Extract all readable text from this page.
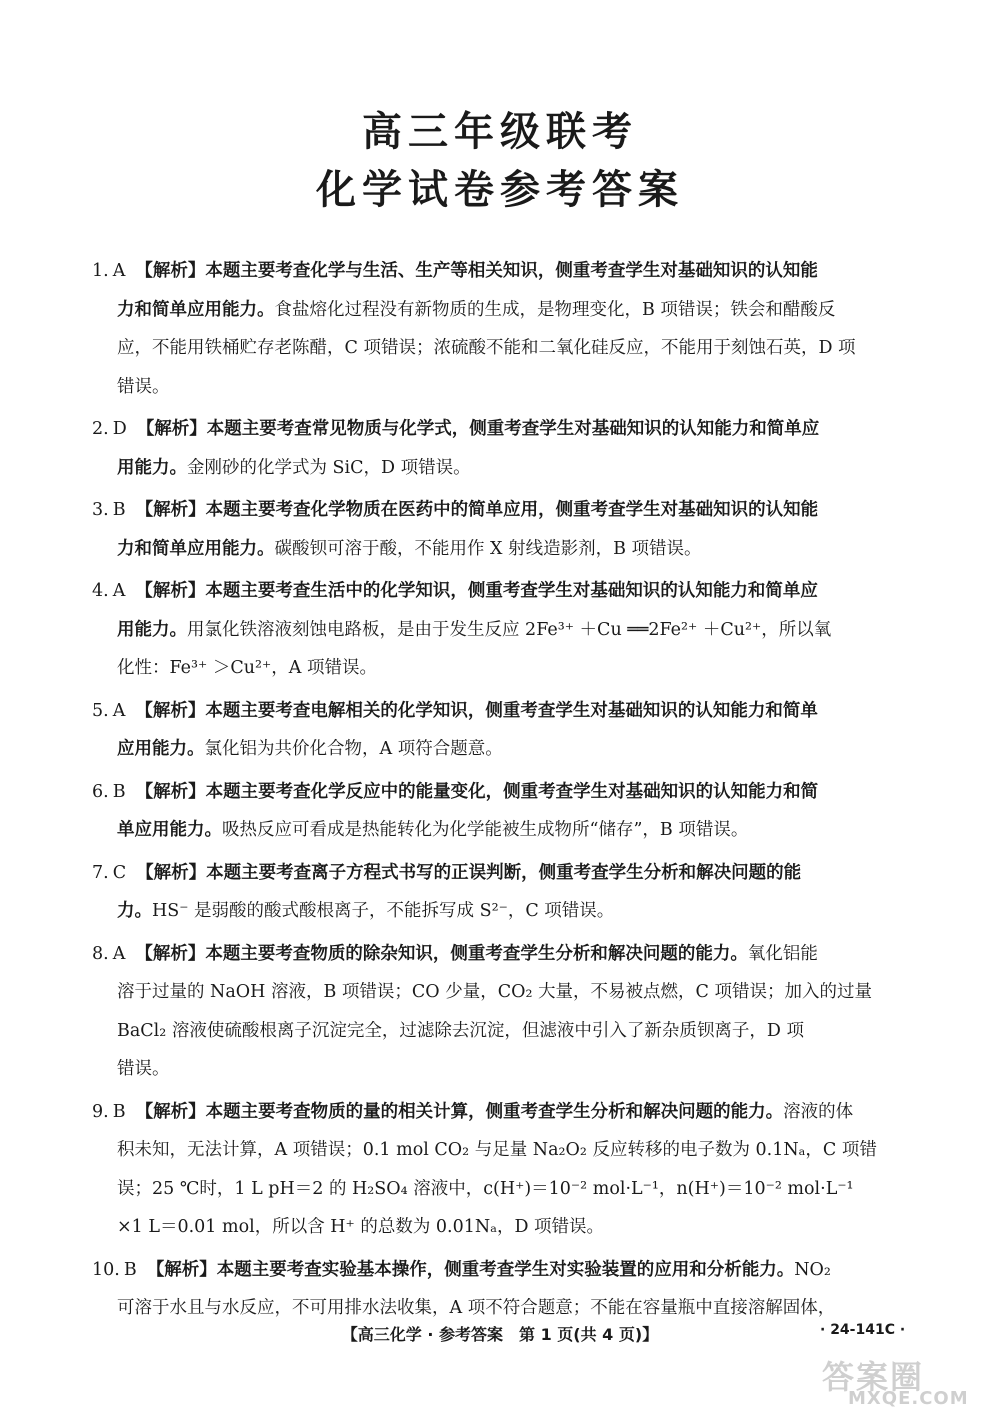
高三年级联考
化学试卷参考答案
1. A 【解析】本题主要考查化学与生活、生产等相关知识，侧重考查学生对基础知识的认知能
力和简单应用能力。食盐熔化过程没有新物质的生成，是物理变化，B 项错误；铁会和醋酸反
应，不能用铁桶贮存老陈醋，C 项错误；浓硫酸不能和二氧化硅反应，不能用于刻蚀石英，D 项
错误。
2. D 【解析】本题主要考查常见物质与化学式，侧重考查学生对基础知识的认知能力和简单应
用能力。金刚砂的化学式为 SiC，D 项错误。
3. B 【解析】本题主要考查化学物质在医药中的简单应用，侧重考查学生对基础知识的认知能
力和简单应用能力。碳酸钡可溶于酸，不能用作 X 射线造影剂，B 项错误。
4. A 【解析】本题主要考查生活中的化学知识，侧重考查学生对基础知识的认知能力和简单应
用能力。用氯化铁溶液刻蚀电路板，是由于发生反应 2Fe³⁺ ＋Cu ══2Fe²⁺ ＋Cu²⁺，所以氧
化性：Fe³⁺ ＞Cu²⁺，A 项错误。
5. A 【解析】本题主要考查电解相关的化学知识，侧重考查学生对基础知识的认知能力和简单
应用能力。氯化铝为共价化合物，A 项符合题意。
6. B 【解析】本题主要考查化学反应中的能量变化，侧重考查学生对基础知识的认知能力和简
单应用能力。吸热反应可看成是热能转化为化学能被生成物所“储存”，B 项错误。
7. C 【解析】本题主要考查离子方程式书写的正误判断，侧重考查学生分析和解决问题的能
力。HS⁻ 是弱酸的酸式酸根离子，不能拆写成 S²⁻，C 项错误。
8. A 【解析】本题主要考查物质的除杂知识，侧重考查学生分析和解决问题的能力。氧化铝能
溶于过量的 NaOH 溶液，B 项错误；CO 少量，CO₂ 大量，不易被点燃，C 项错误；加入的过量
BaCl₂ 溶液使硫酸根离子沉淀完全，过滤除去沉淀，但滤液中引入了新杂质钡离子，D 项
错误。
9. B 【解析】本题主要考查物质的量的相关计算，侧重考查学生分析和解决问题的能力。溶液的体
积未知，无法计算，A 项错误；0.1 mol CO₂ 与足量 Na₂O₂ 反应转移的电子数为 0.1Nₐ，C 项错
误；25 ℃时，1 L pH＝2 的 H₂SO₄ 溶液中，c(H⁺)＝10⁻² mol·L⁻¹，n(H⁺)＝10⁻² mol·L⁻¹
×1 L＝0.01 mol，所以含 H⁺ 的总数为 0.01Nₐ，D 项错误。
10. B 【解析】本题主要考查实验基本操作，侧重考查学生对实验装置的应用和分析能力。NO₂
可溶于水且与水反应，不可用排水法收集，A 项不符合题意；不能在容量瓶中直接溶解固体，
【高三化学 · 参考答案　第 1 页(共 4 页)】	· 24-141C ·
答案圈
MXQE.COM
